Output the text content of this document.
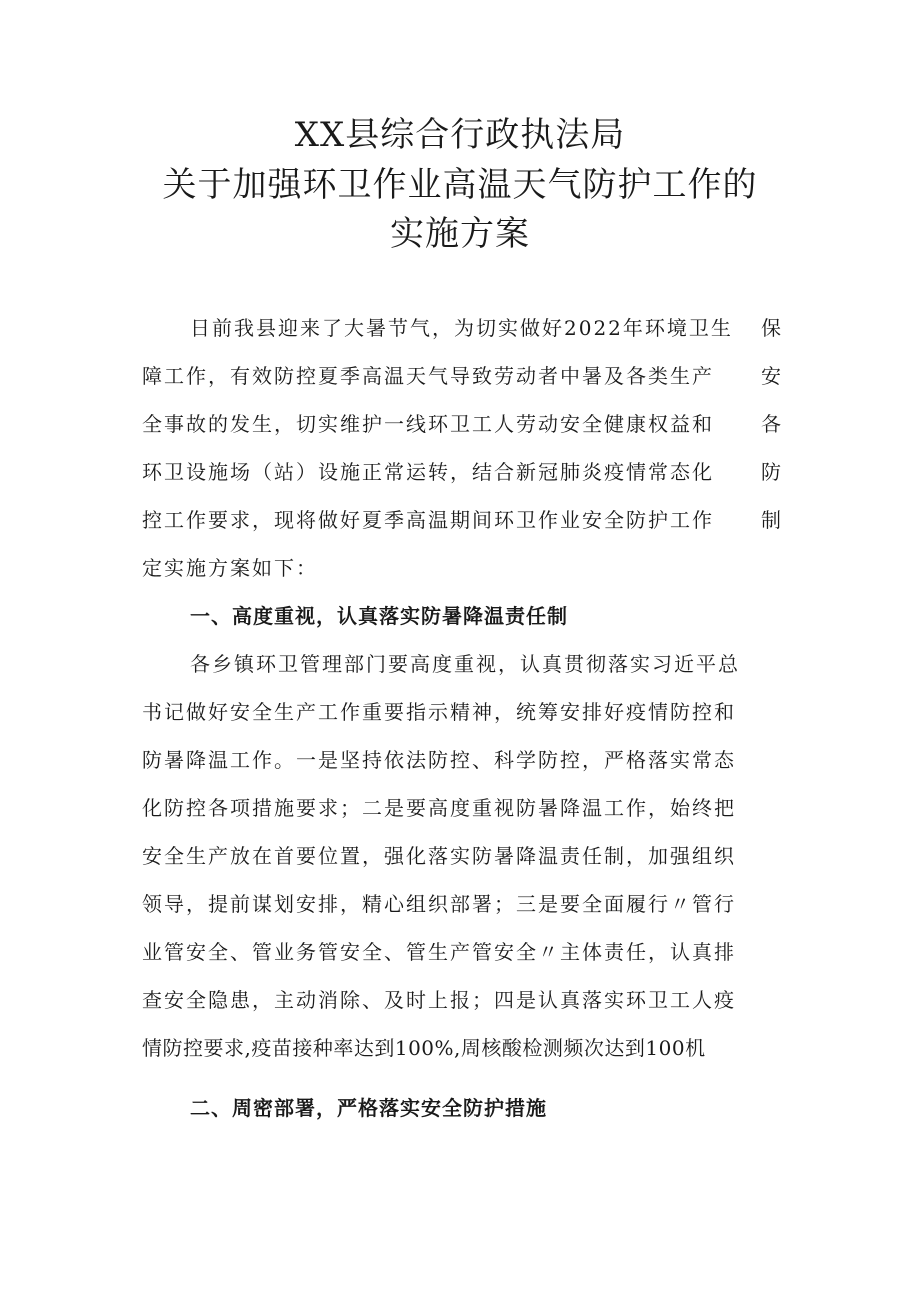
XX县综合行政执法局
关于加强环卫作业高温天气防护工作的
实施方案
日前我县迎来了大暑节气，为切实做好2022年环境卫生	保
障工作，有效防控夏季高温天气导致劳动者中暑及各类生产	安
全事故的发生，切实维护一线环卫工人劳动安全健康权益和	各
环卫设施场（站）设施正常运转，结合新冠肺炎疫情常态化	防
控工作要求，现将做好夏季高温期间环卫作业安全防护工作	制
定实施方案如下：
一、高度重视，认真落实防暑降温责任制
各乡镇环卫管理部门要高度重视，认真贯彻落实习近平总
书记做好安全生产工作重要指示精神，统筹安排好疫情防控和
防暑降温工作。一是坚持依法防控、科学防控，严格落实常态
化防控各项措施要求；二是要高度重视防暑降温工作，始终把
安全生产放在首要位置，强化落实防暑降温责任制，加强组织
领导，提前谋划安排，精心组织部署；三是要全面履行〃管行
业管安全、管业务管安全、管生产管安全〃主体责任，认真排
查安全隐患，主动消除、及时上报；四是认真落实环卫工人疫
情防控要求,疫苗接种率达到100%,周核酸检测频次达到100机
二、周密部署，严格落实安全防护措施
